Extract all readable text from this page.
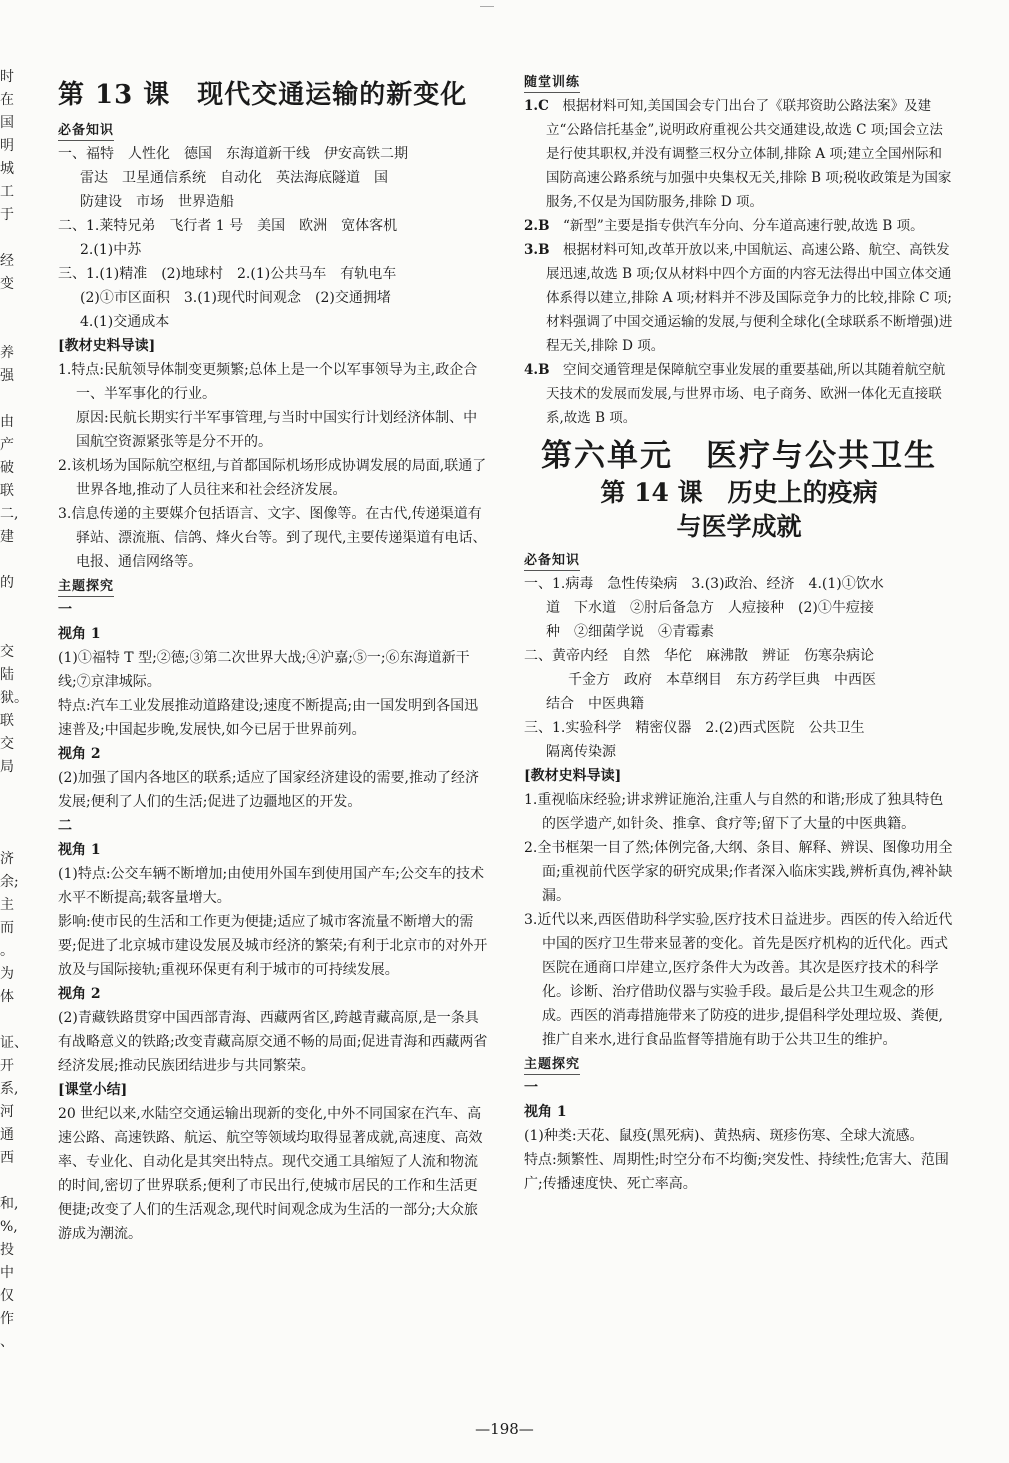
时
在
国
明
城
工
于
经
变
养
强
由
产
破
联
二,
建
的
交
陆
狱。
联
交
局
济
余;
主
而
。
为
体
证、
开
系,
河
通
西
和,
%,
投
中
仅
作
、
第 13 课　现代交通运输的新变化
必备知识
一、福特　人性化　德国　东海道新干线　伊安高铁二期
雷达　卫星通信系统　自动化　英法海底隧道　国
防建设　市场　世界造船
二、1.莱特兄弟　飞行者 1 号　美国　欧洲　宽体客机
2.(1)中苏
三、1.(1)精准　(2)地球村　2.(1)公共马车　有轨电车
(2)①市区面积　3.(1)现代时间观念　(2)交通拥堵
4.(1)交通成本
[教材史料导读]
1.特点:民航领导体制变更频繁;总体上是一个以军事领导为主,政企合一、半军事化的行业。
原因:民航长期实行半军事管理,与当时中国实行计划经济体制、中国航空资源紧张等是分不开的。
2.该机场为国际航空枢纽,与首都国际机场形成协调发展的局面,联通了世界各地,推动了人员往来和社会经济发展。
3.信息传递的主要媒介包括语言、文字、图像等。在古代,传递渠道有驿站、漂流瓶、信鸽、烽火台等。到了现代,主要传递渠道有电话、电报、通信网络等。
主题探究
一
视角 1
(1)①福特 T 型;②德;③第二次世界大战;④沪嘉;⑤一;⑥东海道新干线;⑦京津城际。
特点:汽车工业发展推动道路建设;速度不断提高;由一国发明到各国迅速普及;中国起步晚,发展快,如今已居于世界前列。
视角 2
(2)加强了国内各地区的联系;适应了国家经济建设的需要,推动了经济发展;便利了人们的生活;促进了边疆地区的开发。
二
视角 1
(1)特点:公交车辆不断增加;由使用外国车到使用国产车;公交车的技术水平不断提高;载客量增大。
影响:使市民的生活和工作更为便捷;适应了城市客流量不断增大的需要;促进了北京城市建设发展及城市经济的繁荣;有利于北京市的对外开放及与国际接轨;重视环保更有利于城市的可持续发展。
视角 2
(2)青藏铁路贯穿中国西部青海、西藏两省区,跨越青藏高原,是一条具有战略意义的铁路;改变青藏高原交通不畅的局面;促进青海和西藏两省经济发展;推动民族团结进步与共同繁荣。
[课堂小结]
20 世纪以来,水陆空交通运输出现新的变化,中外不同国家在汽车、高速公路、高速铁路、航运、航空等领域均取得显著成就,高速度、高效率、专业化、自动化是其突出特点。现代交通工具缩短了人流和物流的时间,密切了世界联系;便利了市民出行,使城市居民的工作和生活更便捷;改变了人们的生活观念,现代时间观念成为生活的一部分;大众旅游成为潮流。
随堂训练
1.C　 根据材料可知,美国国会专门出台了《联邦资助公路法案》及建立“公路信托基金”,说明政府重视公共交通建设,故选 C 项;国会立法是行使其职权,并没有调整三权分立体制,排除 A 项;建立全国州际和国防高速公路系统与加强中央集权无关,排除 B 项;税收政策是为国家服务,不仅是为国防服务,排除 D 项。
2.B　 “新型”主要是指专供汽车分向、分车道高速行驶,故选 B 项。
3.B　 根据材料可知,改革开放以来,中国航运、高速公路、航空、高铁发展迅速,故选 B 项;仅从材料中四个方面的内容无法得出中国立体交通体系得以建立,排除 A 项;材料并不涉及国际竞争力的比较,排除 C 项;材料强调了中国交通运输的发展,与便利全球化(全球联系不断增强)进程无关,排除 D 项。
4.B　 空间交通管理是保障航空事业发展的重要基础,所以其随着航空航天技术的发展而发展,与世界市场、电子商务、欧洲一体化无直接联系,故选 B 项。
第六单元　医疗与公共卫生
第 14 课　历史上的疫病
与医学成就
必备知识
一、1.病毒　急性传染病　3.(3)政治、经济　4.(1)①饮水
道　下水道　②肘后备急方　人痘接种　(2)①牛痘接
种　②细菌学说　④青霉素
二、黄帝内经　自然　华佗　麻沸散　辨证　伤寒杂病论
千金方　政府　本草纲目　东方药学巨典　中西医
结合　中医典籍
三、1.实验科学　精密仪器　2.(2)西式医院　公共卫生
隔离传染源
[教材史料导读]
1.重视临床经验;讲求辨证施治,注重人与自然的和谐;形成了独具特色的医学遗产,如针灸、推拿、食疗等;留下了大量的中医典籍。
2.全书框架一目了然;体例完备,大纲、条目、解释、辨误、图像功用全面;重视前代医学家的研究成果;作者深入临床实践,辨析真伪,裨补缺漏。
3.近代以来,西医借助科学实验,医疗技术日益进步。西医的传入给近代中国的医疗卫生带来显著的变化。首先是医疗机构的近代化。西式医院在通商口岸建立,医疗条件大为改善。其次是医疗技术的科学化。诊断、治疗借助仪器与实验手段。最后是公共卫生观念的形成。西医的消毒措施带来了防疫的进步,提倡科学处理垃圾、粪便,推广自来水,进行食品监督等措施有助于公共卫生的维护。
主题探究
一
视角 1
(1)种类:天花、鼠疫(黑死病)、黄热病、斑疹伤寒、全球大流感。
特点:频繁性、周期性;时空分布不均衡;突发性、持续性;危害大、范围广;传播速度快、死亡率高。
—198—
